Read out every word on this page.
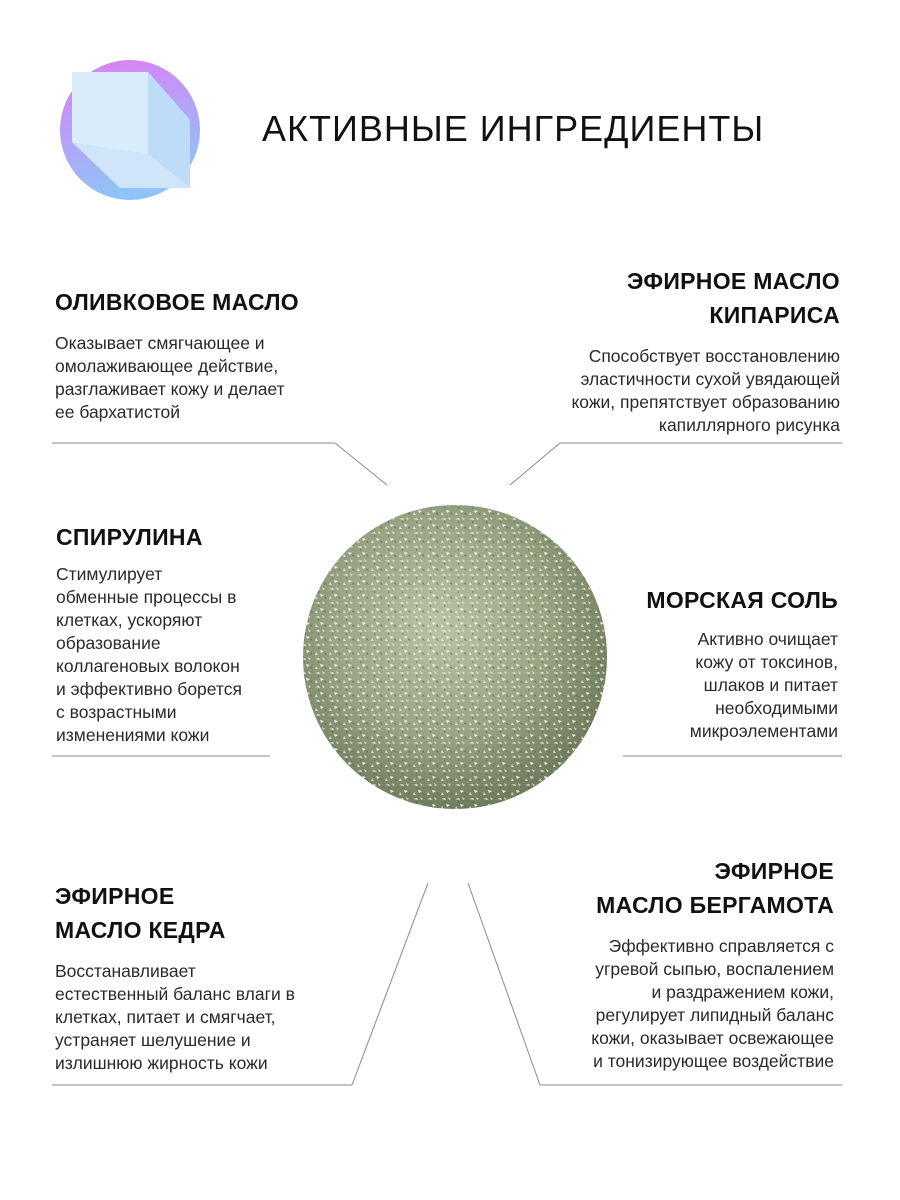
АКТИВНЫЕ ИНГРЕДИЕНТЫ

ОЛИВКОВОЕ МАСЛО

Оказывает смягчающее и
омолаживающее действие,
разглаживает кожу и делает
ее бархатистой

ЭФИРНОЕ МАСЛО
КИПАРИСА

Способствует восстановлению
эластичности сухой увядающей
кожи, препятствует образованию
капиллярного рисунка

СПИРУЛИНА

Стимулирует
обменные процессы в
клетках, ускоряют
образование
коллагеновых волокон
и эффективно борется
с возрастными
изменениями кожи

МОРСКАЯ СОЛЬ

Активно очищает
кожу от токсинов,
шлаков и питает
необходимыми
микроэлементами

ЭФИРНОЕ
МАСЛО КЕДРА

Восстанавливает
естественный баланс влаги в
клетках, питает и смягчает,
устраняет шелушение и
излишнюю жирность кожи

ЭФИРНОЕ
МАСЛО БЕРГАМОТА

Эффективно справляется с
угревой сыпью, воспалением
и раздражением кожи,
регулирует липидный баланс
кожи, оказывает освежающее
и тонизирующее воздействие
